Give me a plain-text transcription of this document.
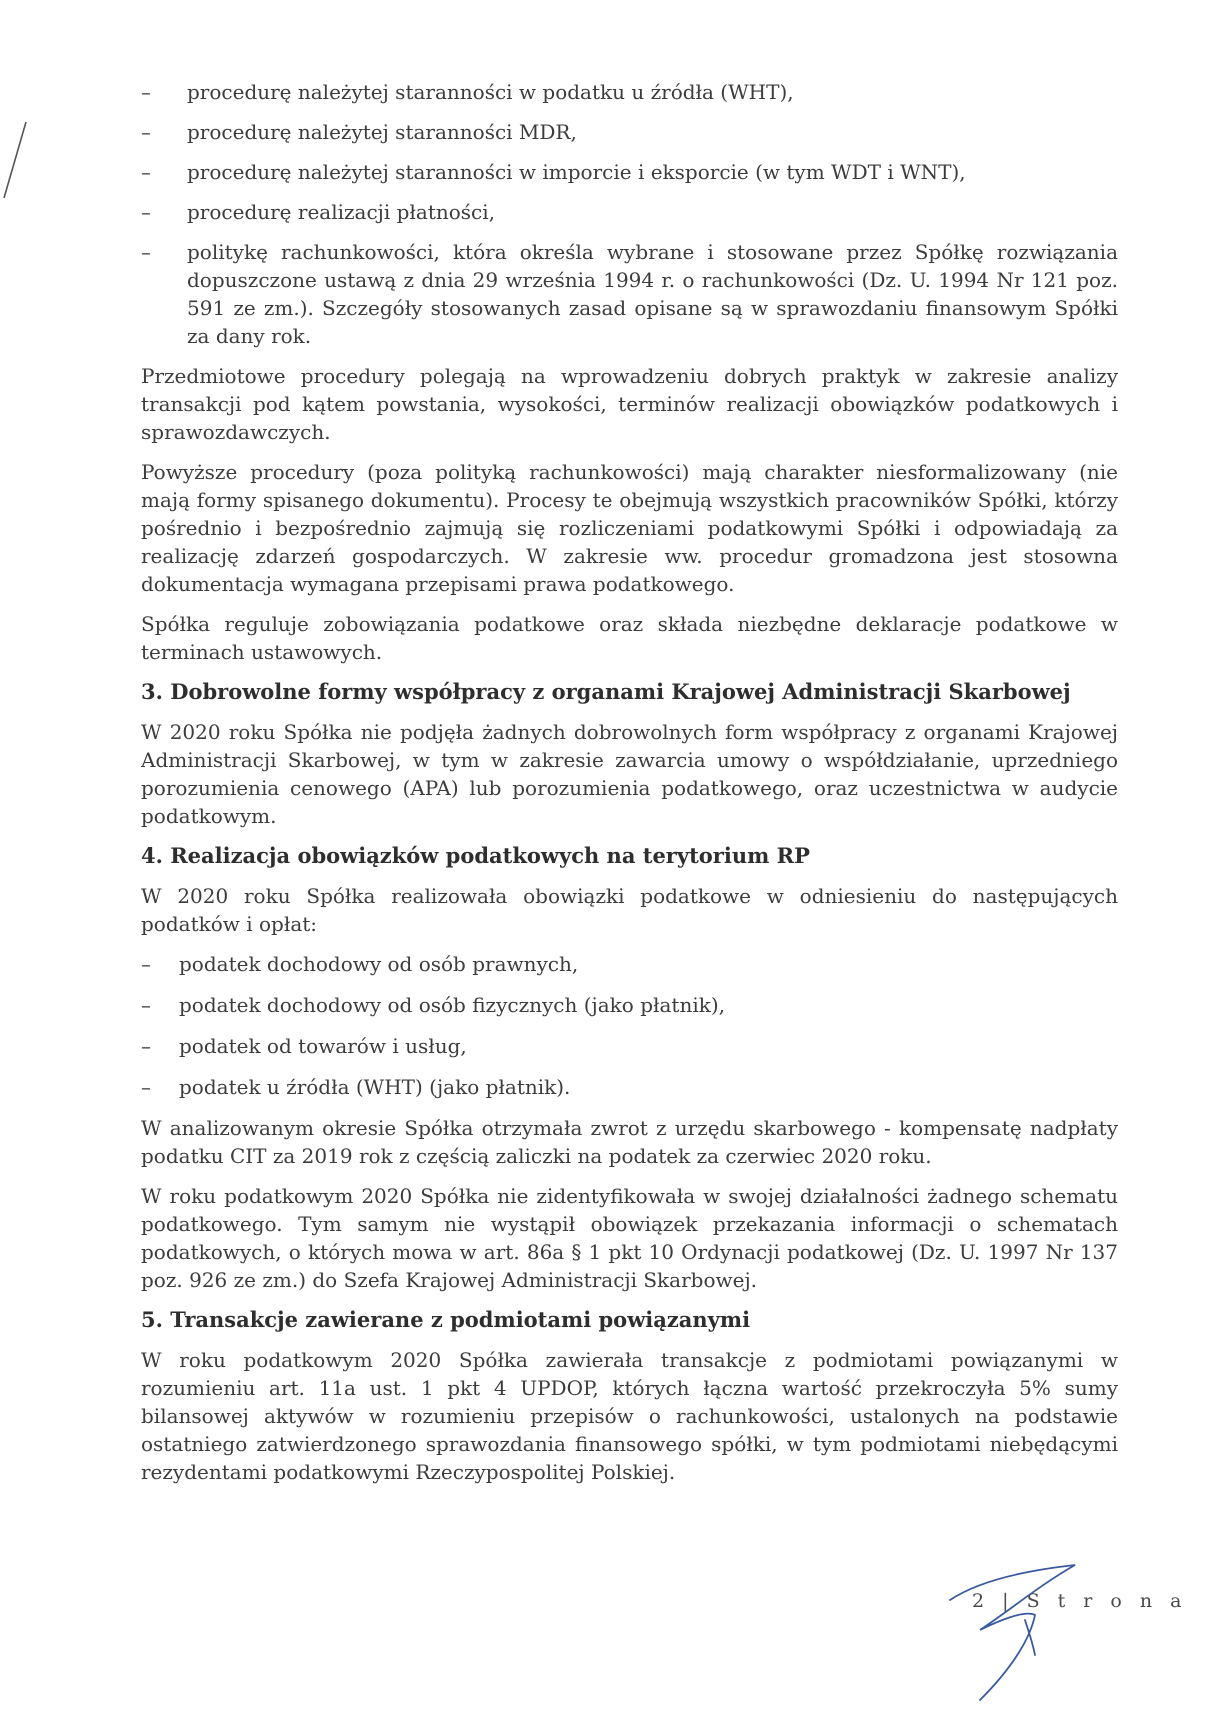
– procedurę należytej staranności w podatku u źródła (WHT),
– procedurę należytej staranności MDR,
– procedurę należytej staranności w imporcie i eksporcie (w tym WDT i WNT),
– procedurę realizacji płatności,
– politykę rachunkowości, która określa wybrane i stosowane przez Spółkę rozwiązania dopuszczone ustawą z dnia 29 września 1994 r. o rachunkowości (Dz. U. 1994 Nr 121 poz. 591 ze zm.). Szczegóły stosowanych zasad opisane są w sprawozdaniu finansowym Spółki za dany rok.

Przedmiotowe procedury polegają na wprowadzeniu dobrych praktyk w zakresie analizy transakcji pod kątem powstania, wysokości, terminów realizacji obowiązków podatkowych i sprawozdawczych.

Powyższe procedury (poza polityką rachunkowości) mają charakter niesformalizowany (nie mają formy spisanego dokumentu). Procesy te obejmują wszystkich pracowników Spółki, którzy pośrednio i bezpośrednio zajmują się rozliczeniami podatkowymi Spółki i odpowiadają za realizację zdarzeń gospodarczych. W zakresie ww. procedur gromadzona jest stosowna dokumentacja wymagana przepisami prawa podatkowego.

Spółka reguluje zobowiązania podatkowe oraz składa niezbędne deklaracje podatkowe w terminach ustawowych.

3. Dobrowolne formy współpracy z organami Krajowej Administracji Skarbowej

W 2020 roku Spółka nie podjęła żadnych dobrowolnych form współpracy z organami Krajowej Administracji Skarbowej, w tym w zakresie zawarcia umowy o współdziałanie, uprzedniego porozumienia cenowego (APA) lub porozumienia podatkowego, oraz uczestnictwa w audycie podatkowym.

4. Realizacja obowiązków podatkowych na terytorium RP

W 2020 roku Spółka realizowała obowiązki podatkowe w odniesieniu do następujących podatków i opłat:

– podatek dochodowy od osób prawnych,
– podatek dochodowy od osób fizycznych (jako płatnik),
– podatek od towarów i usług,
– podatek u źródła (WHT) (jako płatnik).

W analizowanym okresie Spółka otrzymała zwrot z urzędu skarbowego - kompensatę nadpłaty podatku CIT za 2019 rok z częścią zaliczki na podatek za czerwiec 2020 roku.

W roku podatkowym 2020 Spółka nie zidentyfikowała w swojej działalności żadnego schematu podatkowego. Tym samym nie wystąpił obowiązek przekazania informacji o schematach podatkowych, o których mowa w art. 86a § 1 pkt 10 Ordynacji podatkowej (Dz. U. 1997 Nr 137 poz. 926 ze zm.) do Szefa Krajowej Administracji Skarbowej.

5. Transakcje zawierane z podmiotami powiązanymi

W roku podatkowym 2020 Spółka zawierała transakcje z podmiotami powiązanymi w rozumieniu art. 11a ust. 1 pkt 4 UPDOP, których łączna wartość przekroczyła 5% sumy bilansowej aktywów w rozumieniu przepisów o rachunkowości, ustalonych na podstawie ostatniego zatwierdzonego sprawozdania finansowego spółki, w tym podmiotami niebędącymi rezydentami podatkowymi Rzeczypospolitej Polskiej.

2 | S t r o n a
